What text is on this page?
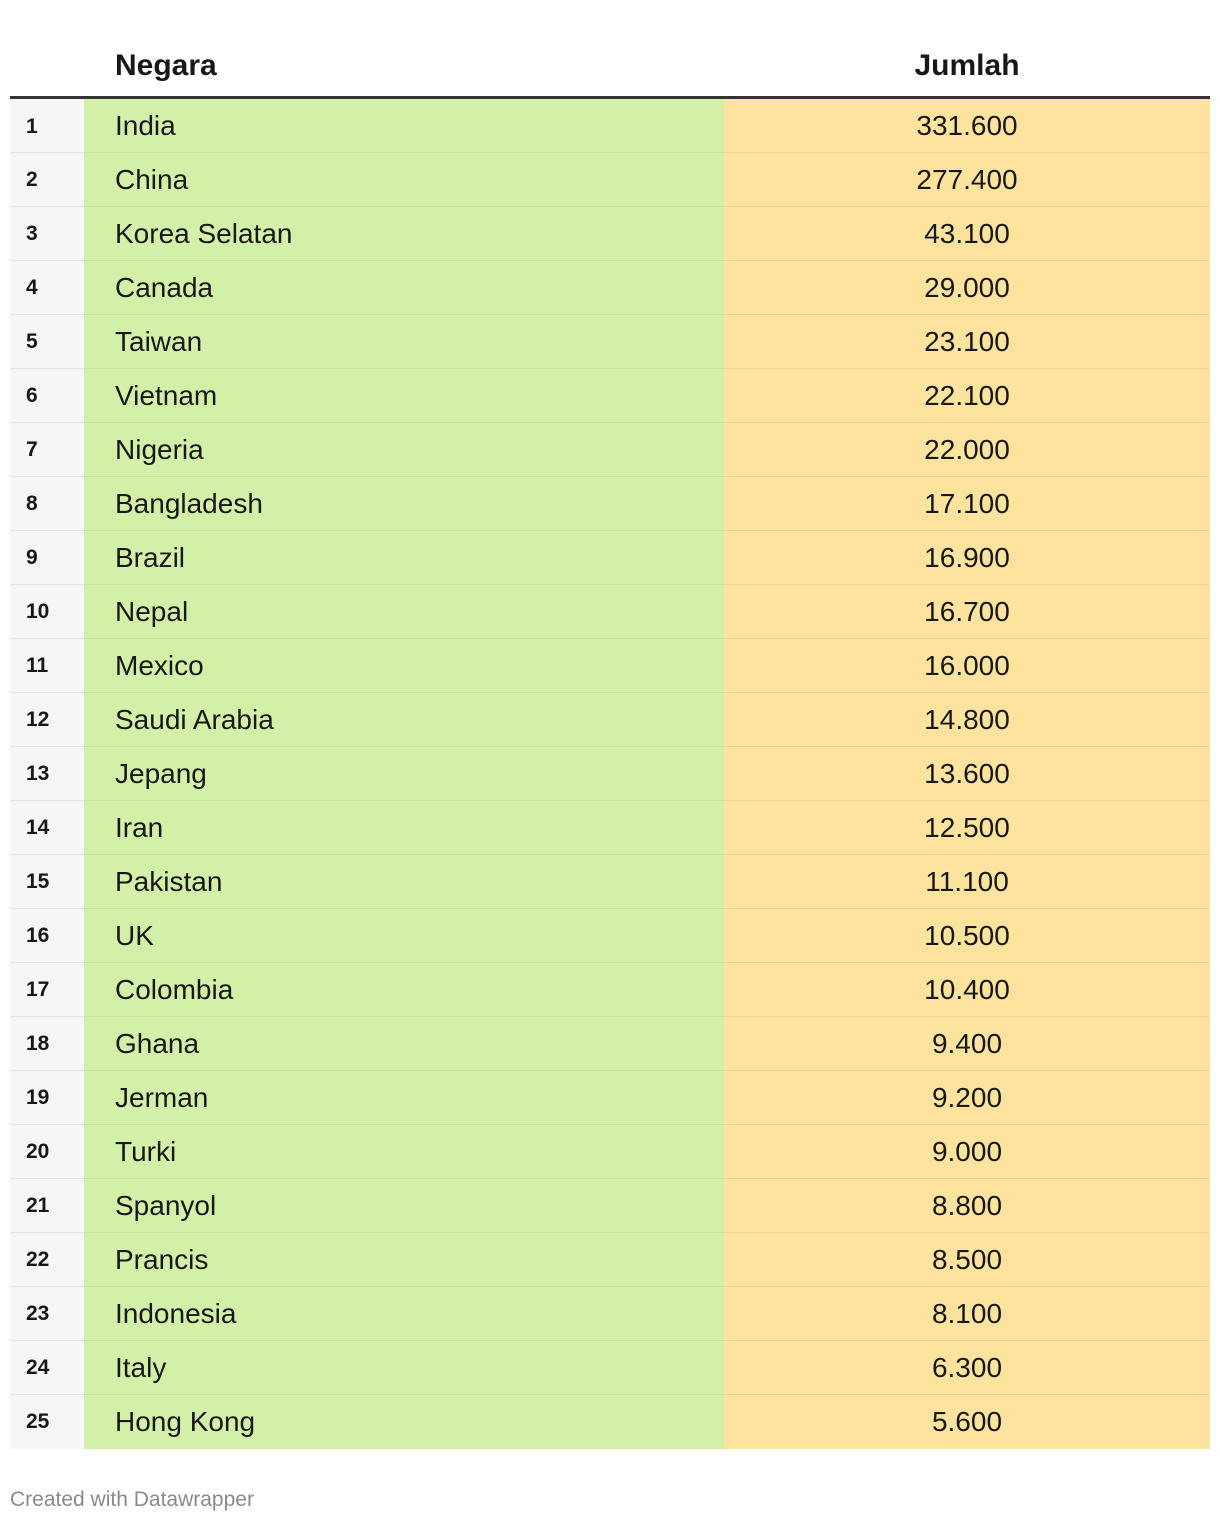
Negara	Jumlah
1	India	331.600
2	China	277.400
3	Korea Selatan	43.100
4	Canada	29.000
5	Taiwan	23.100
6	Vietnam	22.100
7	Nigeria	22.000
8	Bangladesh	17.100
9	Brazil	16.900
10	Nepal	16.700
11	Mexico	16.000
12	Saudi Arabia	14.800
13	Jepang	13.600
14	Iran	12.500
15	Pakistan	11.100
16	UK	10.500
17	Colombia	10.400
18	Ghana	9.400
19	Jerman	9.200
20	Turki	9.000
21	Spanyol	8.800
22	Prancis	8.500
23	Indonesia	8.100
24	Italy	6.300
25	Hong Kong	5.600
Created with Datawrapper
